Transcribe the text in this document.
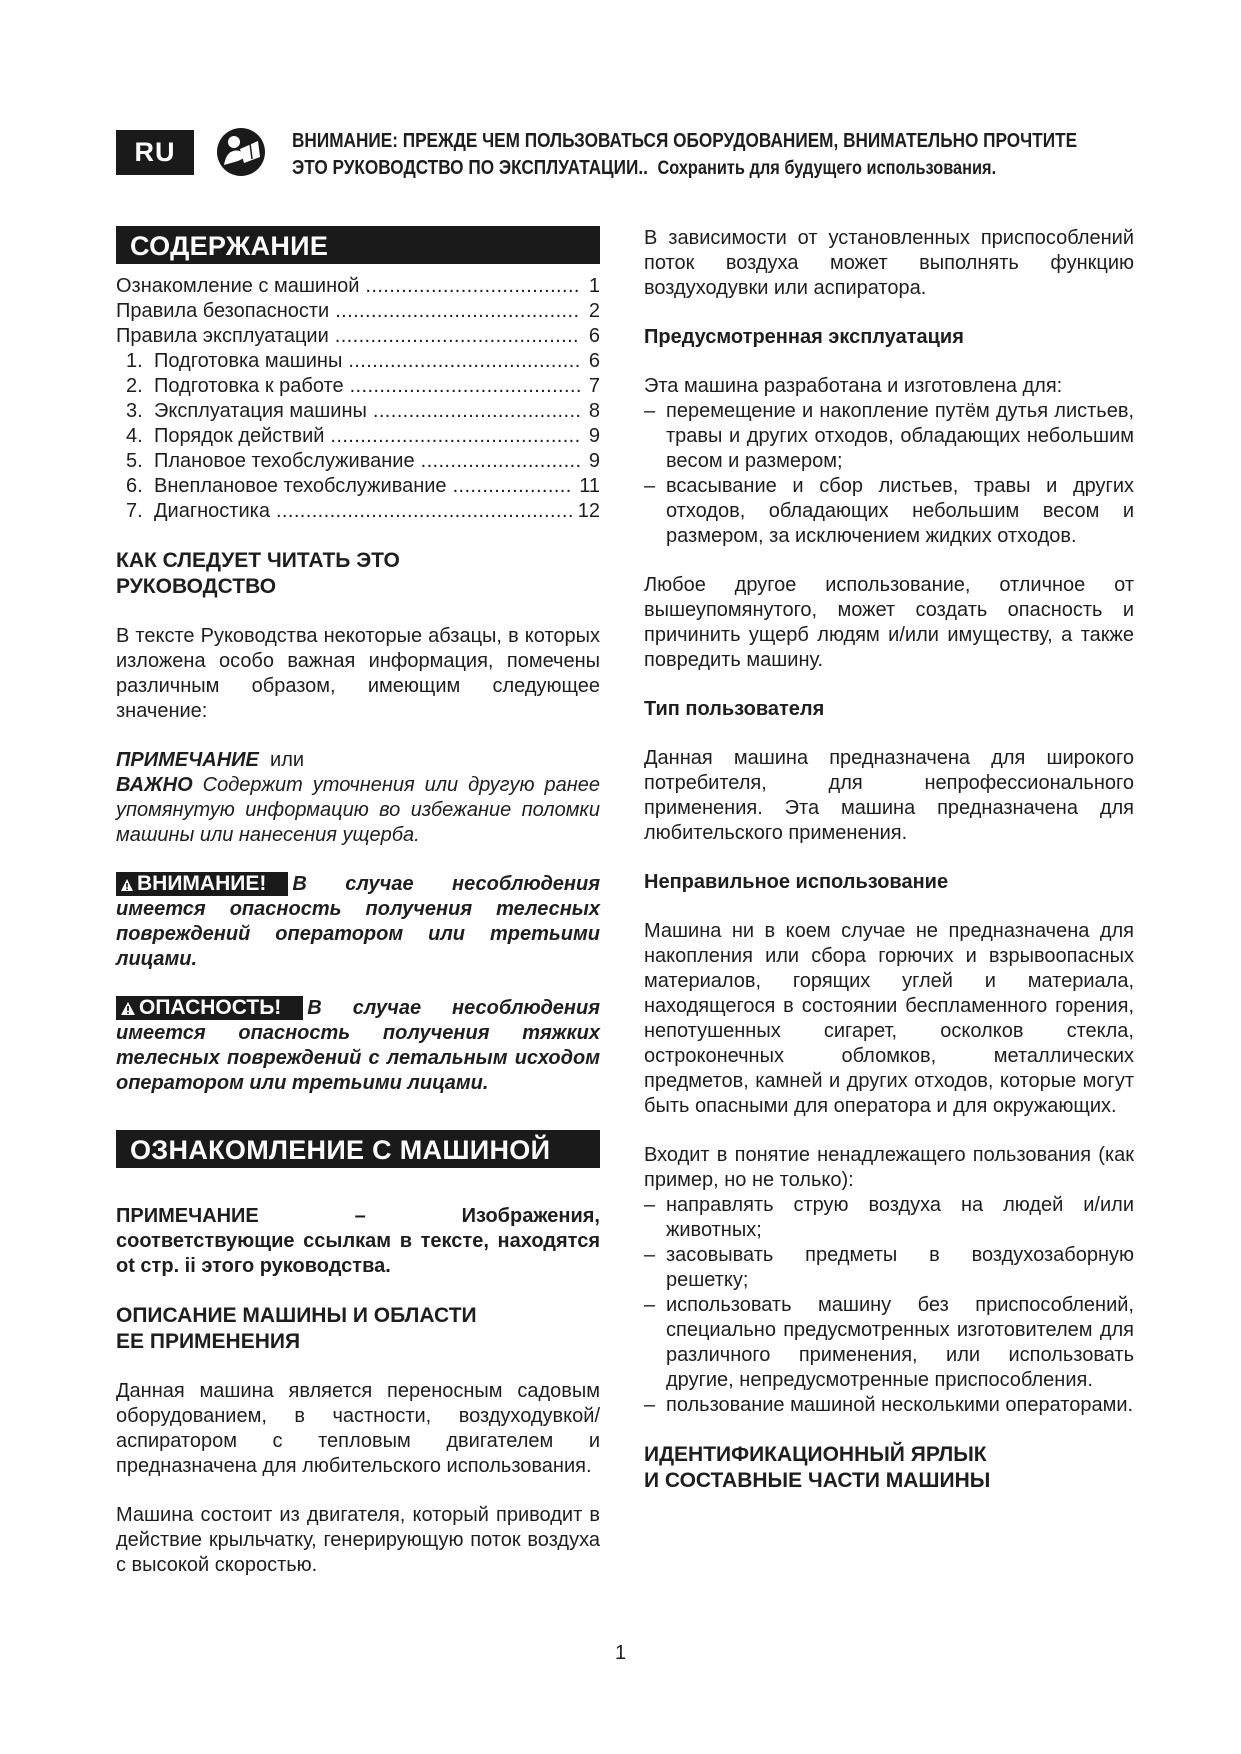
RU	ВНИМАНИЕ: ПРЕЖДЕ ЧЕМ ПОЛЬЗОВАТЬСЯ ОБОРУДОВАНИЕМ, ВНИМАТЕЛЬНО ПРОЧТИТЕ
ЭТО РУКОВОДСТВО ПО ЭКСПЛУАТАЦИИ.. Сохранить для будущего использования.
СОДЕРЖАНИЕ
Ознакомление с машиной .....	1
Правила безопасности .....	2
Правила эксплуатации .....	6
1. Подготовка машины .....	6
2. Подготовка к работе .....	7
3. Эксплуатация машины .....	8
4. Порядок действий .....	9
5. Плановое техобслуживание .....	9
6. Внеплановое техобслуживание .....	11
7. Диагностика .....	12

КАК СЛЕДУЕТ ЧИТАТЬ ЭТО
РУКОВОДСТВО

В тексте Руководства некоторые абзацы, в которых изложена особо важная информация, помечены различным образом, имеющим следующее значение:

ПРИМЕЧАНИЕ или
ВАЖНО Содержит уточнения или другую ранее упомянутую информацию во избежание поломки машины или нанесения ущерба.

ВНИМАНИЕ! В случае несоблюдения имеется опасность получения телесных повреждений оператором или третьими лицами.

ОПАСНОСТЬ! В случае несоблюдения имеется опасность получения тяжких телесных повреждений с летальным исходом оператором или третьими лицами.

ОЗНАКОМЛЕНИЕ С МАШИНОЙ

ПРИМЕЧАНИЕ – Изображения, соответствующие ссылкам в тексте, находятся ot стр. ii этого руководства.

ОПИСАНИЕ МАШИНЫ И ОБЛАСТИ
ЕЕ ПРИМЕНЕНИЯ

Данная машина является переносным садовым оборудованием, в частности, воздуходувкой/аспиратором с тепловым двигателем и предназначена для любительского использования.

Машина состоит из двигателя, который приводит в действие крыльчатку, генерирующую поток воздуха с высокой скоростью.

В зависимости от установленных приспособлений поток воздуха может выполнять функцию воздуходувки или аспиратора.

Предусмотренная эксплуатация

Эта машина разработана и изготовлена для:

– перемещение и накопление путём дутья листьев, травы и других отходов, обладающих небольшим весом и размером;
– всасывание и сбор листьев, травы и других отходов, обладающих небольшим весом и размером, за исключением жидких отходов.

Любое другое использование, отличное от вышеупомянутого, может создать опасность и причинить ущерб людям и/или имуществу, а также повредить машину.

Тип пользователя

Данная машина предназначена для широкого потребителя, для непрофессионального применения. Эта машина предназначена для любительского применения.

Неправильное использование

Машина ни в коем случае не предназначена для накопления или сбора горючих и взрывоопасных материалов, горящих углей и материала, находящегося в состоянии беспламенного горения, непотушенных сигарет, осколков стекла, остроконечных обломков, металлических предметов, камней и других отходов, которые могут быть опасными для оператора и для окружающих.

Входит в понятие ненадлежащего пользования (как пример, но не только):

– направлять струю воздуха на людей и/или животных;
– засовывать предметы в воздухозаборную решетку;
– использовать машину без приспособлений, специально предусмотренных изготовителем для различного применения, или использовать другие, непредусмотренные приспособления.
– пользование машиной несколькими операторами.

ИДЕНТИФИКАЦИОННЫЙ ЯРЛЫК
И СОСТАВНЫЕ ЧАСТИ МАШИНЫ

1
